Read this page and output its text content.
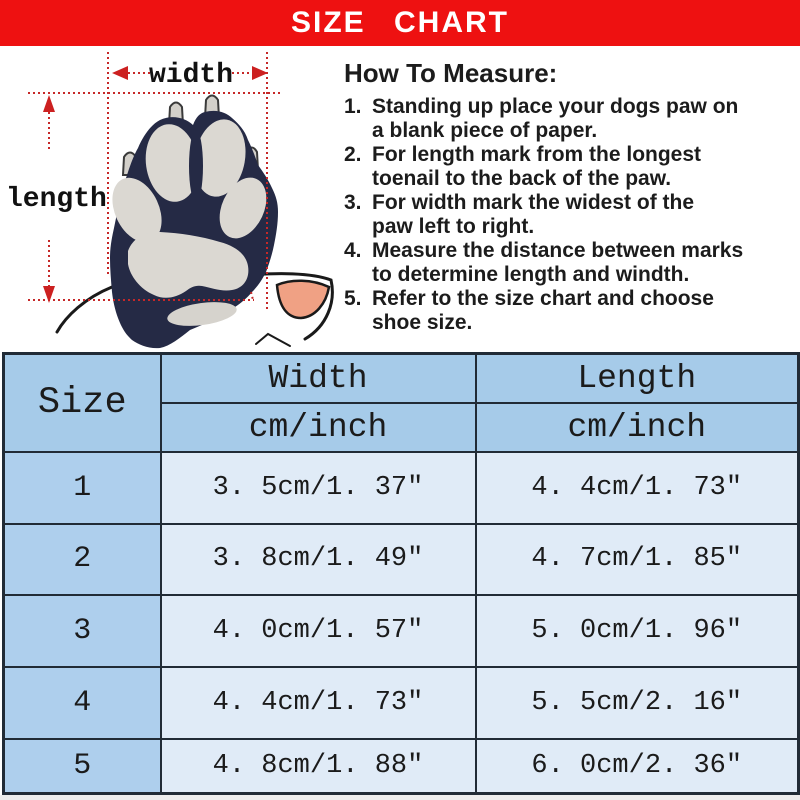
SIZE CHART
width
length
How To Measure:
1. Standing up place your dogs paw on
a blank piece of paper.
2. For length mark from the longest
toenail to the back of the paw.
3. For width mark the widest of the
paw left to right.
4. Measure the distance between marks
to determine length and windth.
5. Refer to the size chart and choose
shoe size.
Size	Width	Length
	cm/inch	cm/inch
1	3. 5cm/1. 37″	4. 4cm/1. 73″
2	3. 8cm/1. 49″	4. 7cm/1. 85″
3	4. 0cm/1. 57″	5. 0cm/1. 96″
4	4. 4cm/1. 73″	5. 5cm/2. 16″
5	4. 8cm/1. 88″	6. 0cm/2. 36″
